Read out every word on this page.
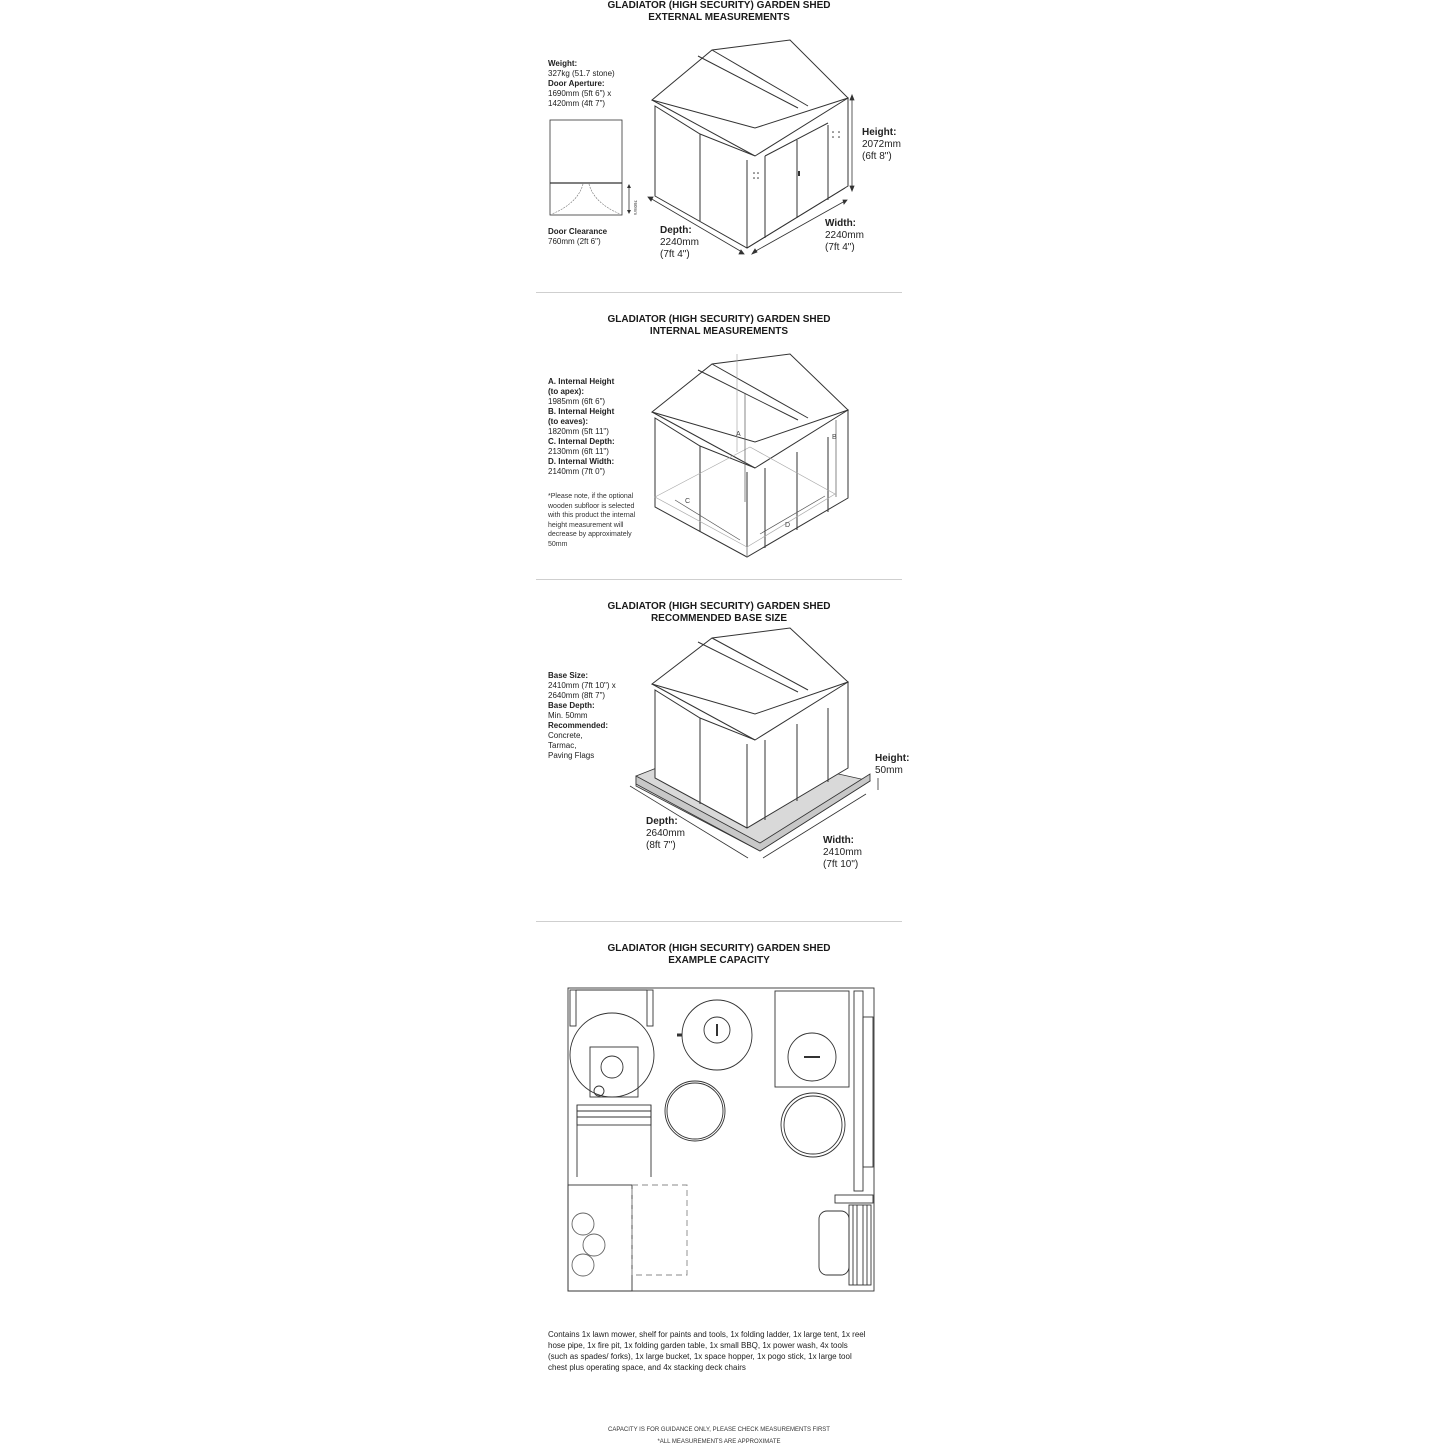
GLADIATOR (HIGH SECURITY) GARDEN SHED
EXTERNAL MEASUREMENTS
Weight:
327kg (51.7 stone)
Door Aperture:
1690mm (5ft 6") x
1420mm (4ft 7")
760mm
Door Clearance
760mm (2ft 6")
Height:
2072mm
(6ft 8")
Depth:
2240mm
(7ft 4")
Width:
2240mm
(7ft 4")
GLADIATOR (HIGH SECURITY) GARDEN SHED
INTERNAL MEASUREMENTS
A. Internal Height
(to apex):
1985mm (6ft 6")
B. Internal Height
(to eaves):
1820mm (5ft 11")
C. Internal Depth:
2130mm (6ft 11")
D. Internal Width:
2140mm (7ft 0")
*Please note, if the optional wooden subfloor is selected with this product the internal height measurement will decrease by approximately 50mm
A	B
C
D
GLADIATOR (HIGH SECURITY) GARDEN SHED
RECOMMENDED BASE SIZE
Base Size:
2410mm (7ft 10") x
2640mm (8ft 7")
Base Depth:
Min. 50mm
Recommended:
Concrete,
Tarmac,
Paving Flags	Height:
50mm
Depth:
2640mm
(8ft 7")	Width:
2410mm
(7ft 10")
GLADIATOR (HIGH SECURITY) GARDEN SHED
EXAMPLE CAPACITY
Contains 1x lawn mower, shelf for paints and tools, 1x folding ladder, 1x large tent, 1x reel hose pipe, 1x fire pit, 1x folding garden table, 1x small BBQ, 1x power wash, 4x tools (such as spades/ forks), 1x large bucket, 1x space hopper, 1x pogo stick, 1x large tool chest plus operating space, and 4x stacking deck chairs
CAPACITY IS FOR GUIDANCE ONLY, PLEASE CHECK MEASUREMENTS FIRST
*ALL MEASUREMENTS ARE APPROXIMATE
